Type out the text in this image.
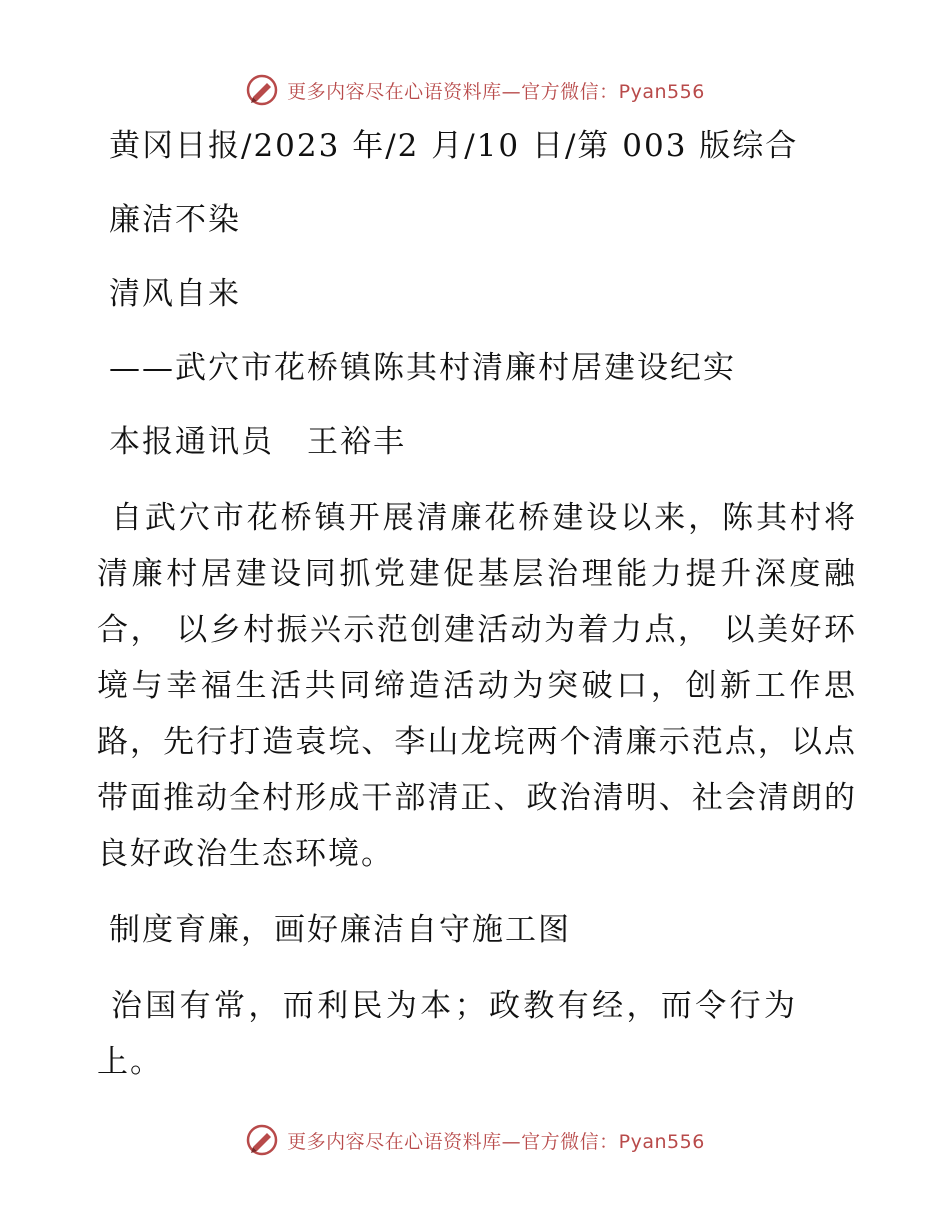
更多内容尽在心语资料库—官方微信：Pyan556

黄冈日报/2023 年/2 月/10 日/第 003 版综合

廉洁不染

清风自来

——武穴市花桥镇陈其村清廉村居建设纪实

本报通讯员　王裕丰

自武穴市花桥镇开展清廉花桥建设以来，陈其村将清廉村居建设同抓党建促基层治理能力提升深度融合， 以乡村振兴示范创建活动为着力点， 以美好环境与幸福生活共同缔造活动为突破口，创新工作思路，先行打造袁垸、李山龙垸两个清廉示范点，以点带面推动全村形成干部清正、政治清明、社会清朗的良好政治生态环境。

制度育廉，画好廉洁自守施工图

治国有常，而利民为本；政教有经，而令行为上。

更多内容尽在心语资料库—官方微信：Pyan556
